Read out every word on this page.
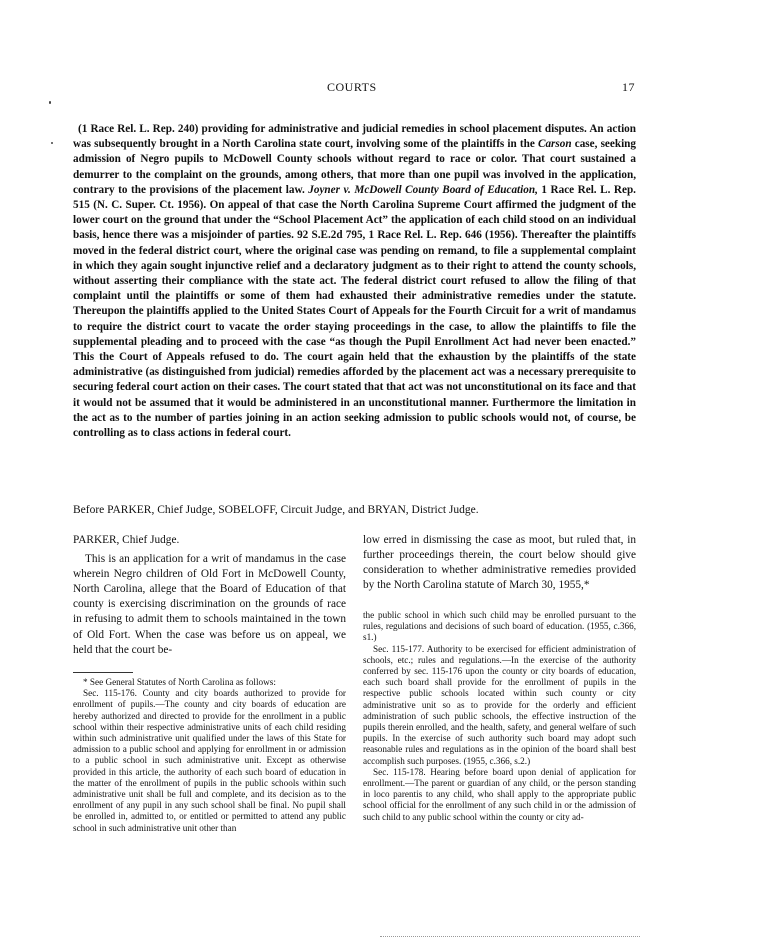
COURTS	17
(1 Race Rel. L. Rep. 240) providing for administrative and judicial remedies in school placement disputes. An action was subsequently brought in a North Carolina state court, involving some of the plaintiffs in the Carson case, seeking admission of Negro pupils to McDowell County schools without regard to race or color. That court sustained a demurrer to the complaint on the grounds, among others, that more than one pupil was involved in the application, contrary to the provisions of the placement law. Joyner v. McDowell County Board of Education, 1 Race Rel. L. Rep. 515 (N. C. Super. Ct. 1956). On appeal of that case the North Carolina Supreme Court affirmed the judgment of the lower court on the ground that under the “School Placement Act” the application of each child stood on an individual basis, hence there was a misjoinder of parties. 92 S.E.2d 795, 1 Race Rel. L. Rep. 646 (1956). Thereafter the plaintiffs moved in the federal district court, where the original case was pending on remand, to file a supplemental complaint in which they again sought injunctive relief and a declaratory judgment as to their right to attend the county schools, without asserting their compliance with the state act. The federal district court refused to allow the filing of that complaint until the plaintiffs or some of them had exhausted their administrative remedies under the statute. Thereupon the plaintiffs applied to the United States Court of Appeals for the Fourth Circuit for a writ of mandamus to require the district court to vacate the order staying proceedings in the case, to allow the plaintiffs to file the supplemental pleading and to proceed with the case “as though the Pupil Enrollment Act had never been enacted.” This the Court of Appeals refused to do. The court again held that the exhaustion by the plaintiffs of the state administrative (as distinguished from judicial) remedies afforded by the placement act was a necessary prerequisite to securing federal court action on their cases. The court stated that that act was not unconstitutional on its face and that it would not be assumed that it would be administered in an unconstitutional manner. Furthermore the limitation in the act as to the number of parties joining in an action seeking admission to public schools would not, of course, be controlling as to class actions in federal court.
Before PARKER, Chief Judge, SOBELOFF, Circuit Judge, and BRYAN, District Judge.

PARKER, Chief Judge.

This is an application for a writ of mandamus in the case wherein Negro children of Old Fort in McDowell County, North Carolina, allege that the Board of Education of that county is exercising discrimination on the grounds of race in refusing to admit them to schools maintained in the town of Old Fort. When the case was before us on appeal, we held that the court be-

low erred in dismissing the case as moot, but ruled that, in further proceedings therein, the court below should give consideration to whether administrative remedies provided by the North Carolina statute of March 30, 1955,*

* See General Statutes of North Carolina as follows:

Sec. 115-176. County and city boards authorized to provide for enrollment of pupils.—The county and city boards of education are hereby authorized and directed to provide for the enrollment in a public school within their respective administrative units of each child residing within such administrative unit qualified under the laws of this State for admission to a public school and applying for enrollment in or admission to a public school in such administrative unit. Except as otherwise provided in this article, the authority of each such board of education in the matter of the enrollment of pupils in the public schools within such administrative unit shall be full and complete, and its decision as to the enrollment of any pupil in any such school shall be final. No pupil shall be enrolled in, admitted to, or entitled or permitted to attend any public school in such administrative unit other than

the public school in which such child may be enrolled pursuant to the rules, regulations and decisions of such board of education. (1955, c.366, s1.)

Sec. 115-177. Authority to be exercised for efficient administration of schools, etc.; rules and regulations.—In the exercise of the authority conferred by sec. 115-176 upon the county or city boards of education, each such board shall provide for the enrollment of pupils in the respective public schools located within such county or city administrative unit so as to provide for the orderly and efficient administration of such public schools, the effective instruction of the pupils therein enrolled, and the health, safety, and general welfare of such pupils. In the exercise of such authority such board may adopt such reasonable rules and regulations as in the opinion of the board shall best accomplish such purposes. (1955, c.366, s.2.)

Sec. 115-178. Hearing before board upon denial of application for enrollment.—The parent or guardian of any child, or the person standing in loco parentis to any child, who shall apply to the appropriate public school official for the enrollment of any such child in or the admission of such child to any public school within the county or city ad-
